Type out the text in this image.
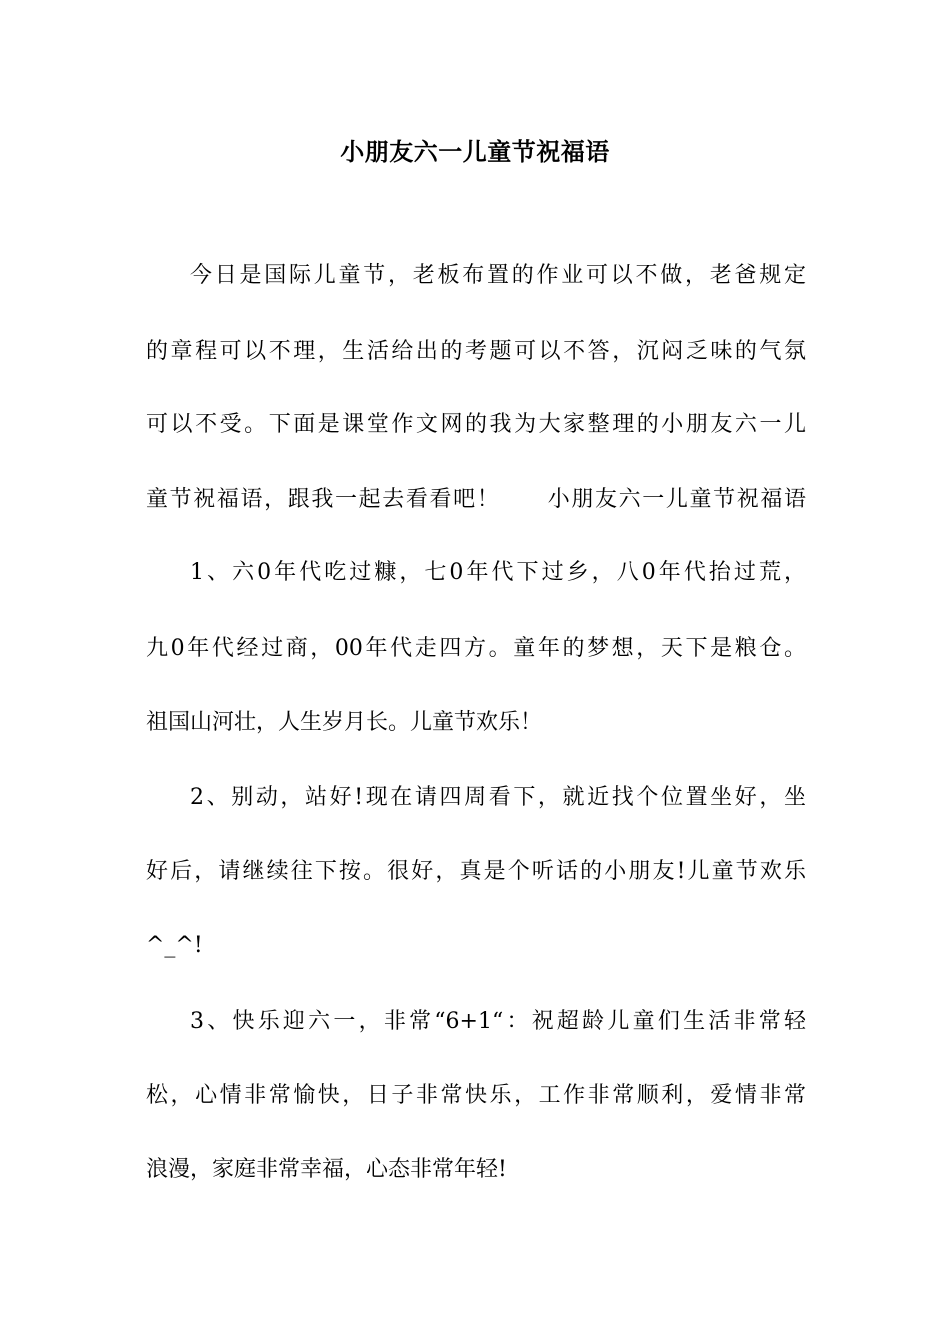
小朋友六一儿童节祝福语
今日是国际儿童节，老板布置的作业可以不做，老爸规定
的章程可以不理，生活给出的考题可以不答，沉闷乏味的气氛
可以不受。下面是课堂作文网的我为大家整理的小朋友六一儿
童节祝福语，跟我一起去看看吧！　　小朋友六一儿童节祝福语
1、六0年代吃过糠，七0年代下过乡，八0年代抬过荒，
九0年代经过商，00年代走四方。童年的梦想，天下是粮仓。
祖国山河壮，人生岁月长。儿童节欢乐！
2、别动，站好!现在请四周看下，就近找个位置坐好，坐
好后，请继续往下按。很好，真是个听话的小朋友!儿童节欢乐
^_^!
3、快乐迎六一，非常“6+1“：祝超龄儿童们生活非常轻
松，心情非常愉快，日子非常快乐，工作非常顺利，爱情非常
浪漫，家庭非常幸福，心态非常年轻!
